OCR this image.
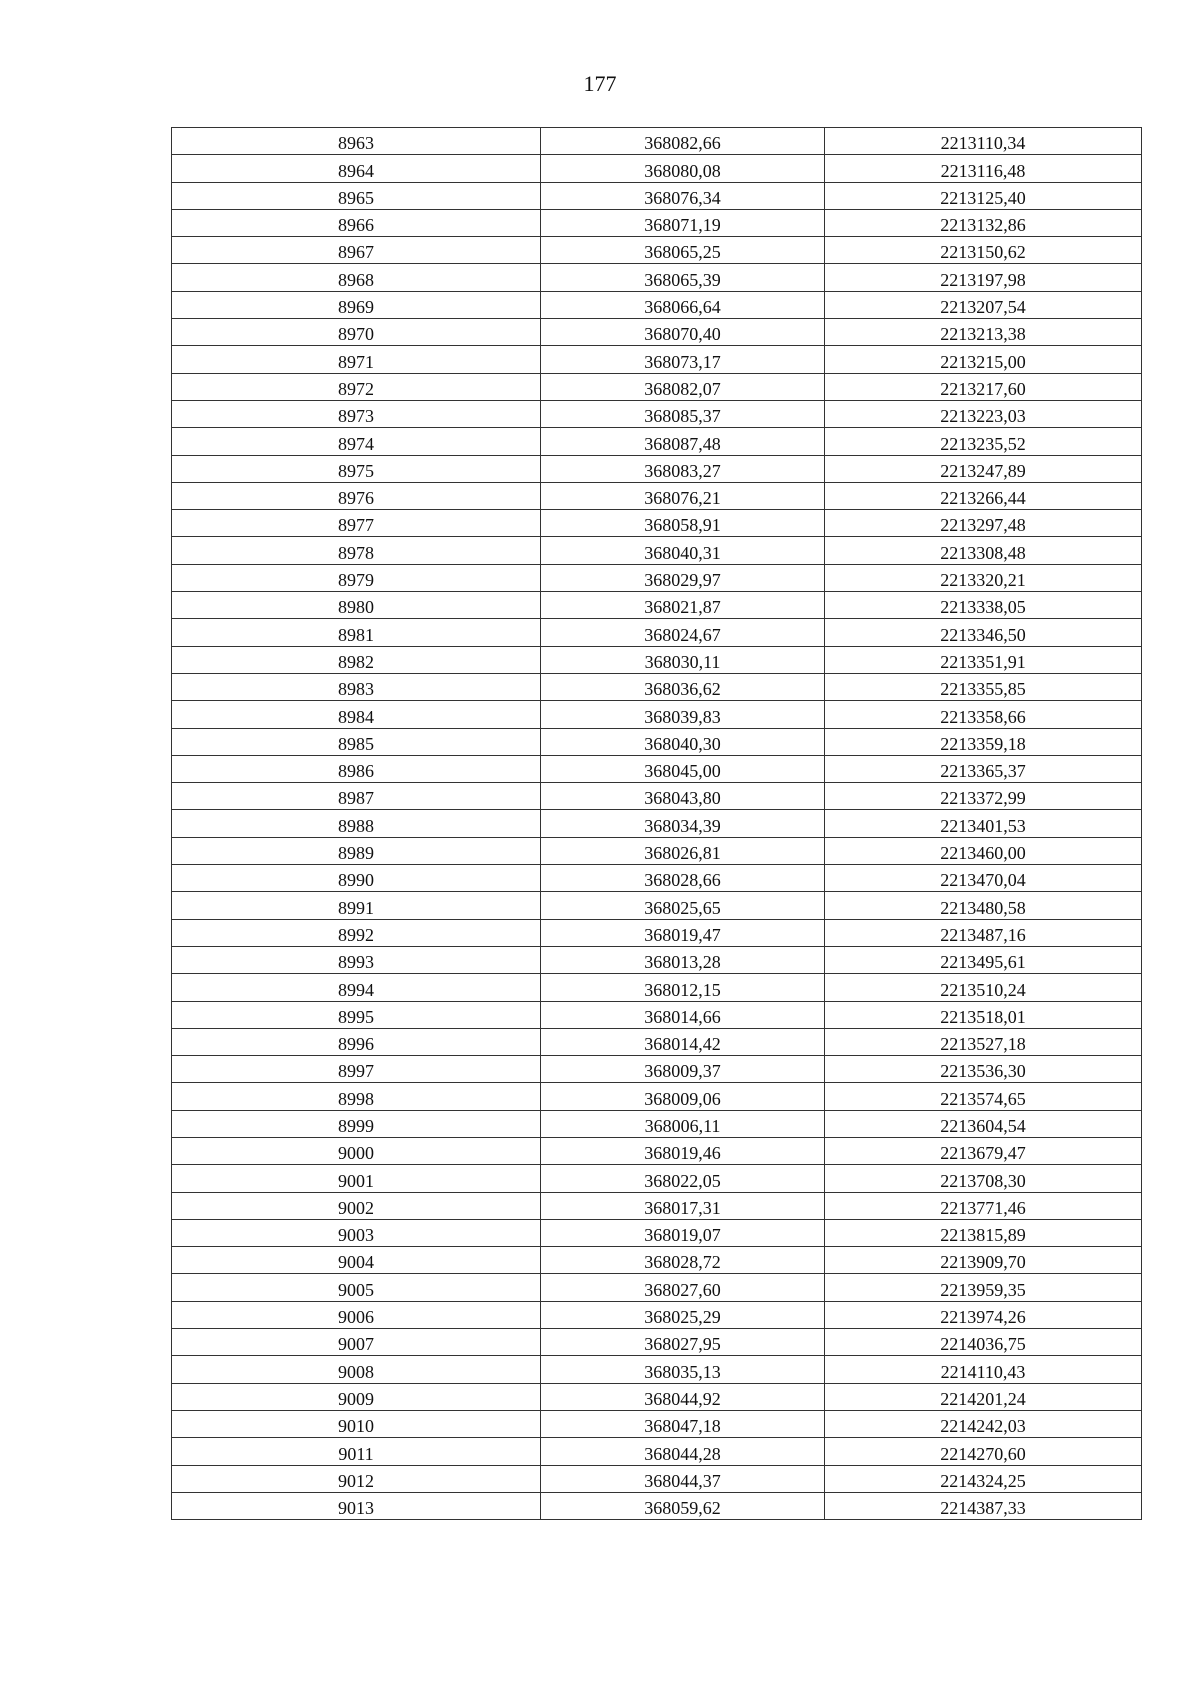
177
8963	368082,66	2213110,34
8964	368080,08	2213116,48
8965	368076,34	2213125,40
8966	368071,19	2213132,86
8967	368065,25	2213150,62
8968	368065,39	2213197,98
8969	368066,64	2213207,54
8970	368070,40	2213213,38
8971	368073,17	2213215,00
8972	368082,07	2213217,60
8973	368085,37	2213223,03
8974	368087,48	2213235,52
8975	368083,27	2213247,89
8976	368076,21	2213266,44
8977	368058,91	2213297,48
8978	368040,31	2213308,48
8979	368029,97	2213320,21
8980	368021,87	2213338,05
8981	368024,67	2213346,50
8982	368030,11	2213351,91
8983	368036,62	2213355,85
8984	368039,83	2213358,66
8985	368040,30	2213359,18
8986	368045,00	2213365,37
8987	368043,80	2213372,99
8988	368034,39	2213401,53
8989	368026,81	2213460,00
8990	368028,66	2213470,04
8991	368025,65	2213480,58
8992	368019,47	2213487,16
8993	368013,28	2213495,61
8994	368012,15	2213510,24
8995	368014,66	2213518,01
8996	368014,42	2213527,18
8997	368009,37	2213536,30
8998	368009,06	2213574,65
8999	368006,11	2213604,54
9000	368019,46	2213679,47
9001	368022,05	2213708,30
9002	368017,31	2213771,46
9003	368019,07	2213815,89
9004	368028,72	2213909,70
9005	368027,60	2213959,35
9006	368025,29	2213974,26
9007	368027,95	2214036,75
9008	368035,13	2214110,43
9009	368044,92	2214201,24
9010	368047,18	2214242,03
9011	368044,28	2214270,60
9012	368044,37	2214324,25
9013	368059,62	2214387,33
